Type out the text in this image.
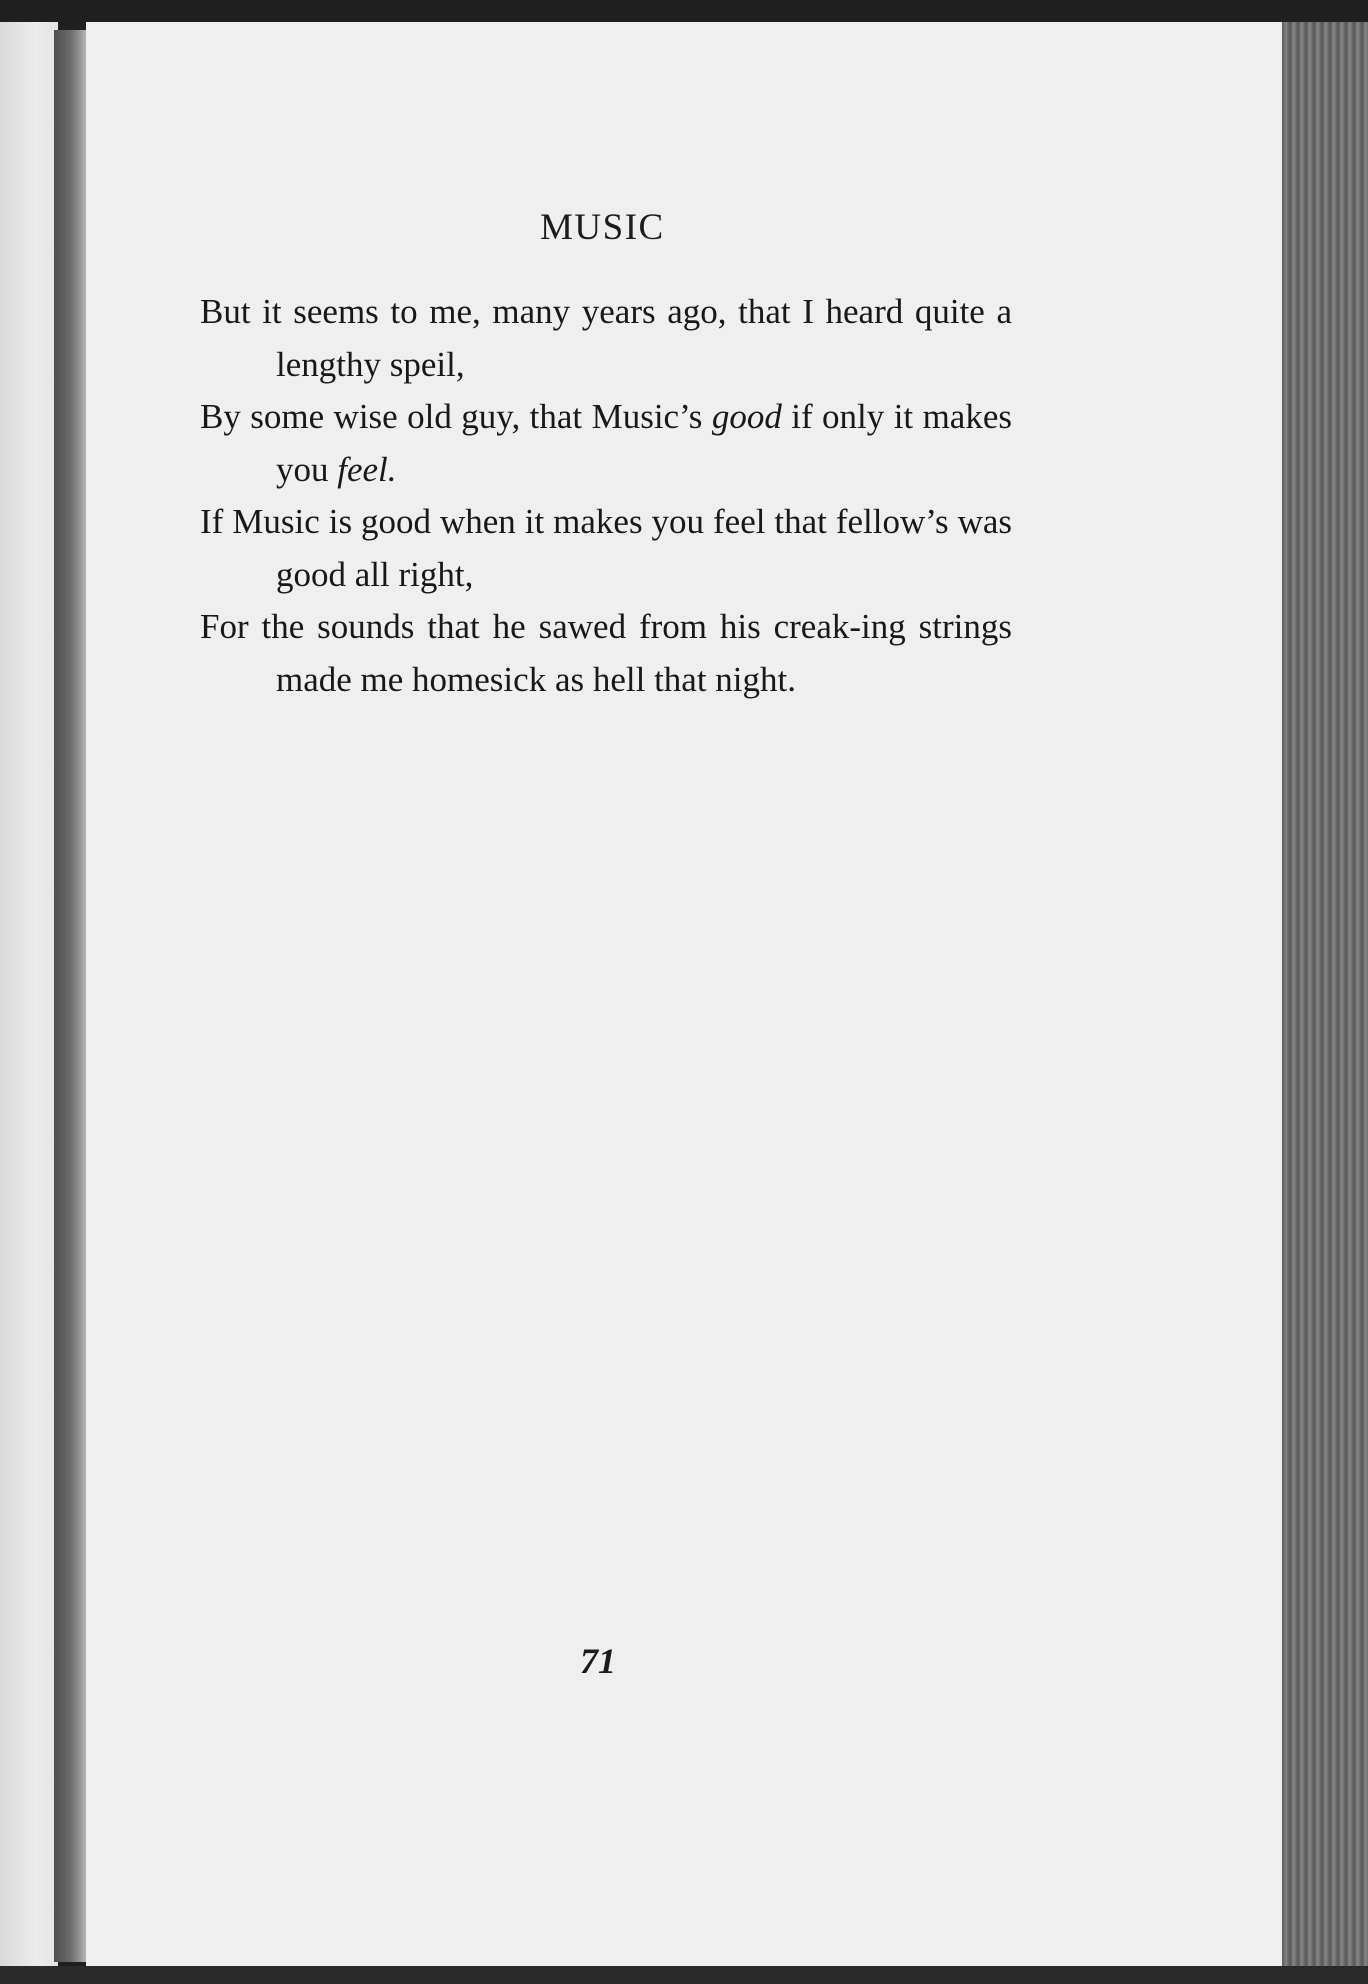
MUSIC
But it seems to me, many years ago, that I heard quite a lengthy speil,
By some wise old guy, that Music’s good if only it makes you feel.
If Music is good when it makes you feel that fellow’s was good all right,
For the sounds that he sawed from his creak-ing strings made me homesick as hell that night.
71
